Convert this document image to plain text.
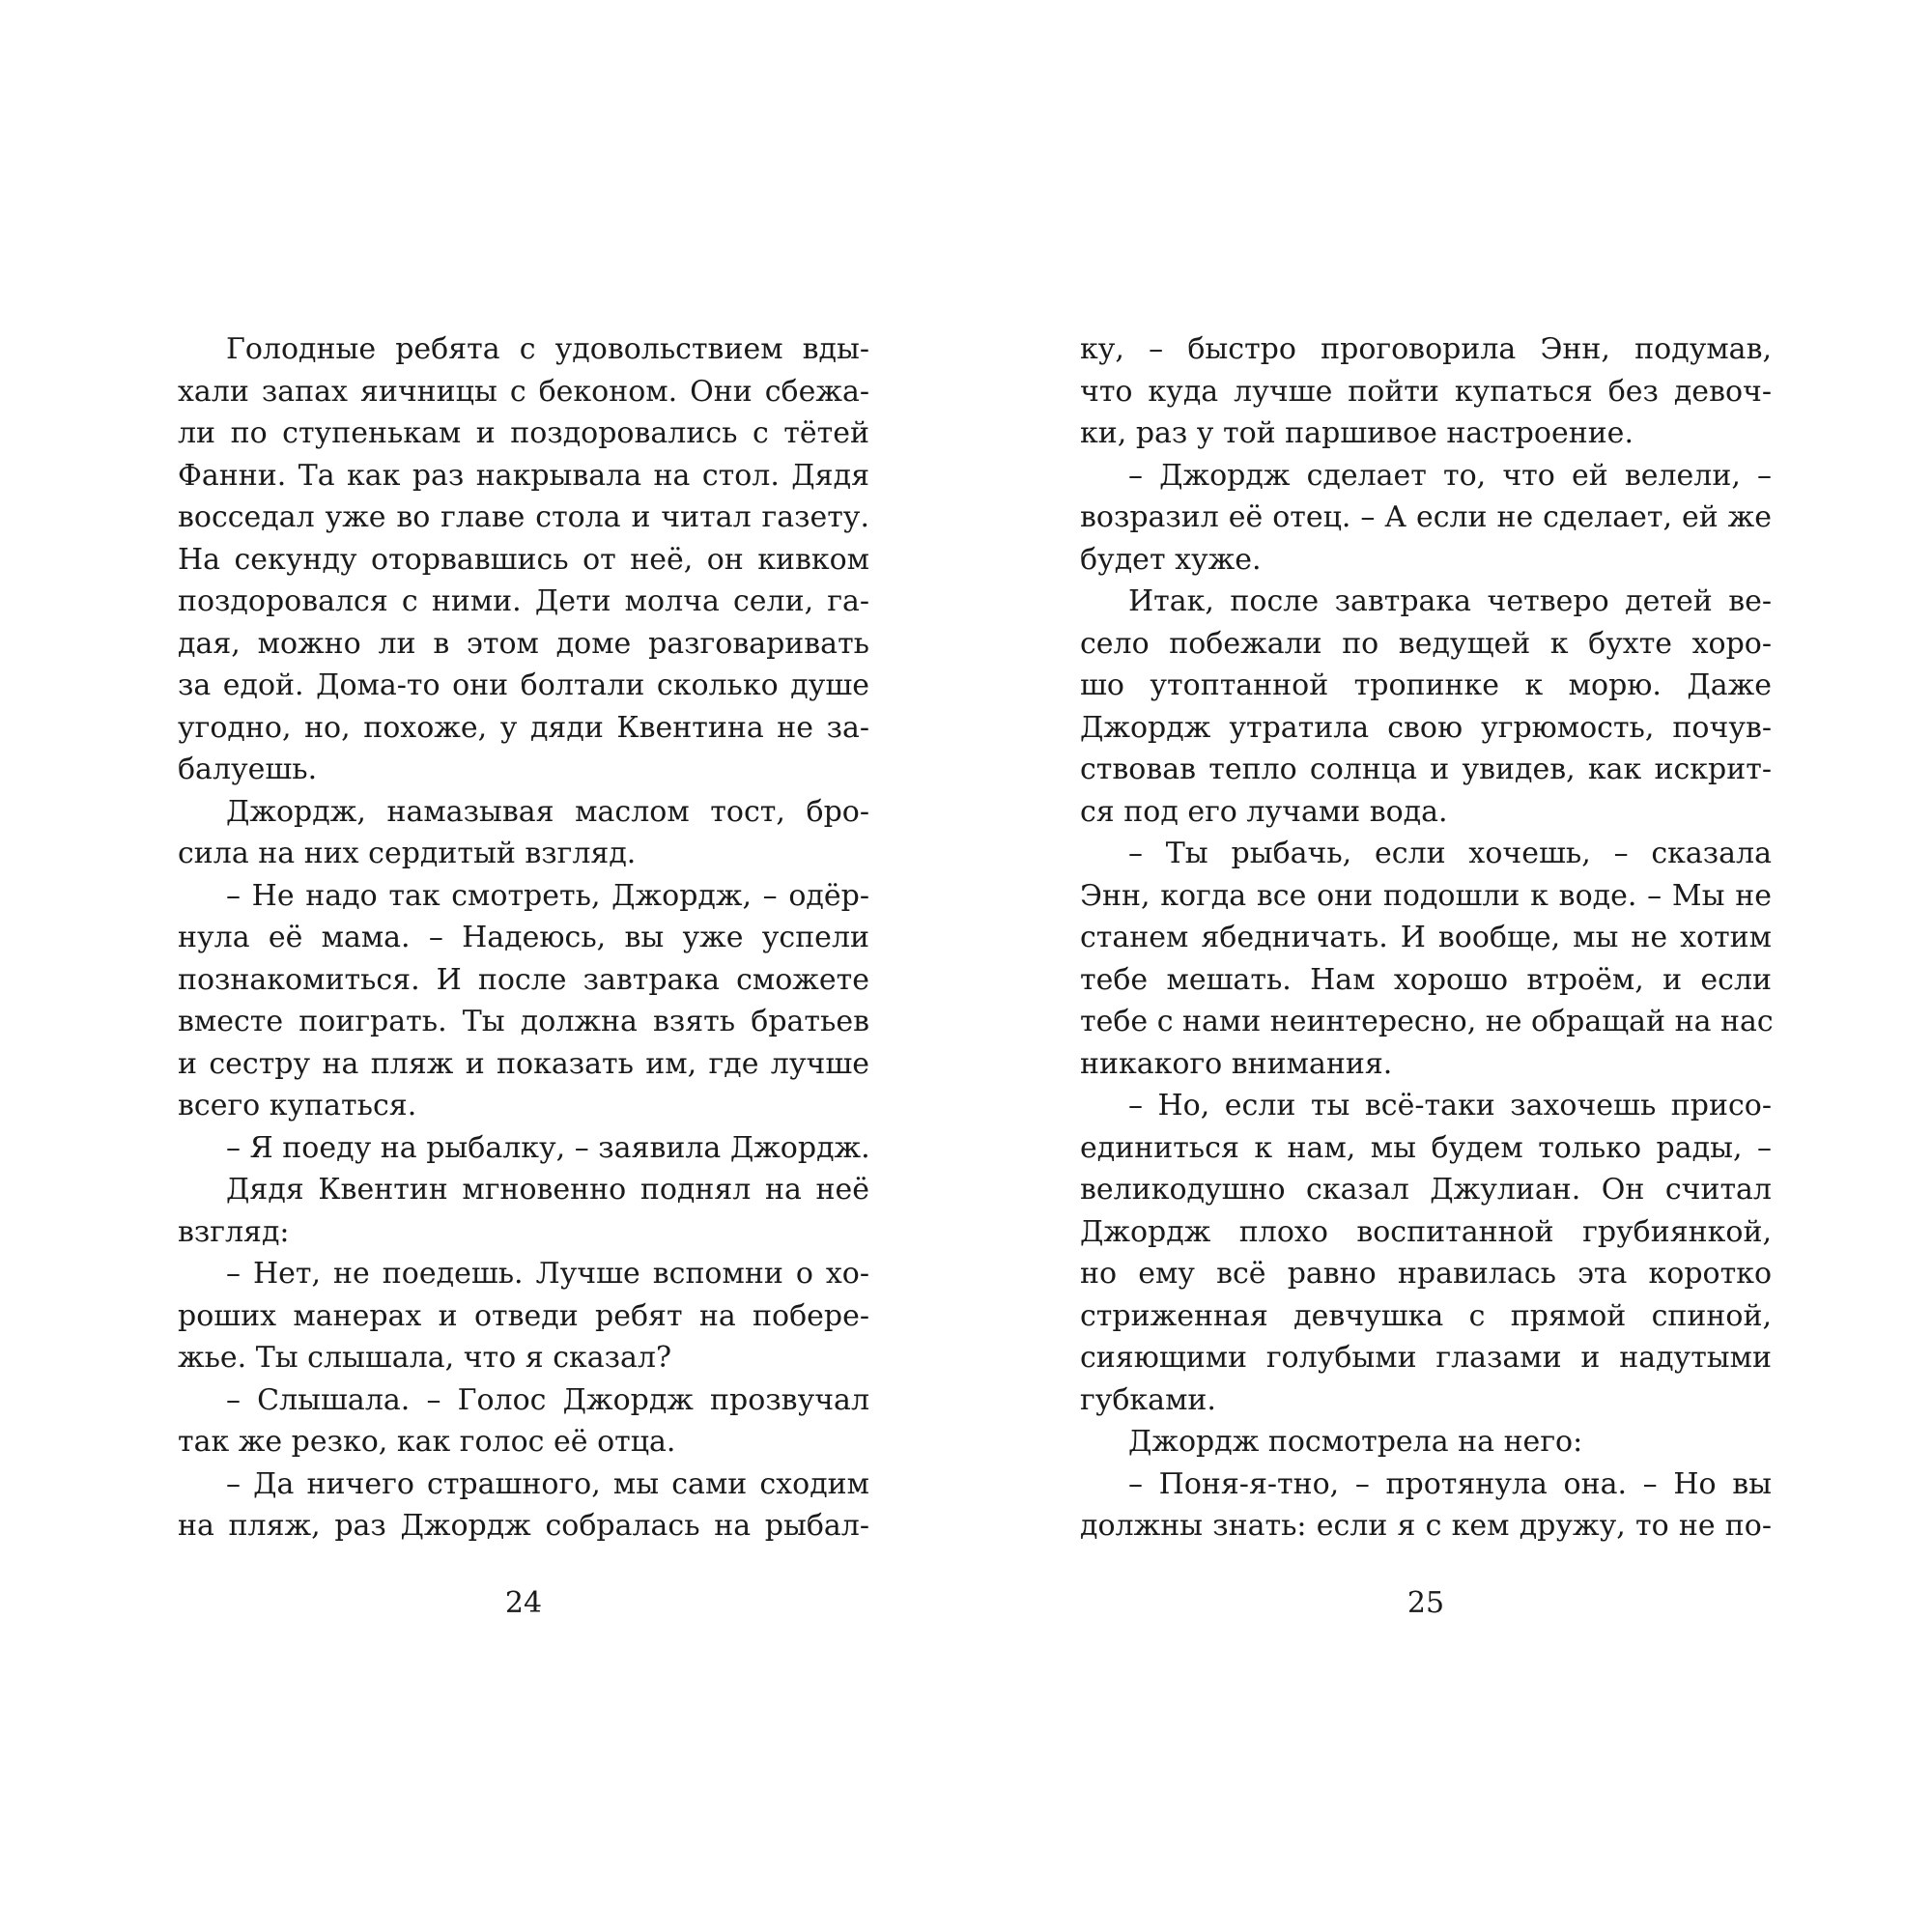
Голодные ребята с удовольствием вды-
хали запах яичницы с беконом. Они сбежа-
ли по ступенькам и поздоровались с тётей
Фанни. Та как раз накрывала на стол. Дядя
восседал уже во главе стола и читал газету.
На секунду оторвавшись от неё, он кивком
поздоровался с ними. Дети молча сели, га-
дая, можно ли в этом доме разговаривать
за едой. Дома-то они болтали сколько душе
угодно, но, похоже, у дяди Квентина не за-
балуешь.
Джордж, намазывая маслом тост, бро-
сила на них сердитый взгляд.
– Не надо так смотреть, Джордж, – одёр-
нула её мама. – Надеюсь, вы уже успели
познакомиться. И после завтрака сможете
вместе поиграть. Ты должна взять братьев
и сестру на пляж и показать им, где лучше
всего купаться.
– Я поеду на рыбалку, – заявила Джордж.
Дядя Квентин мгновенно поднял на неё
взгляд:
– Нет, не поедешь. Лучше вспомни о хо-
роших манерах и отведи ребят на побере-
жье. Ты слышала, что я сказал?
– Слышала. – Голос Джордж прозвучал
так же резко, как голос её отца.
– Да ничего страшного, мы сами сходим
на пляж, раз Джордж собралась на рыбал-
ку, – быстро проговорила Энн, подумав,
что куда лучше пойти купаться без девоч-
ки, раз у той паршивое настроение.
– Джордж сделает то, что ей велели, –
возразил её отец. – А если не сделает, ей же
будет хуже.
Итак, после завтрака четверо детей ве-
село побежали по ведущей к бухте хоро-
шо утоптанной тропинке к морю. Даже
Джордж утратила свою угрюмость, почув-
ствовав тепло солнца и увидев, как искрит-
ся под его лучами вода.
– Ты рыбачь, если хочешь, – сказала
Энн, когда все они подошли к воде. – Мы не
станем ябедничать. И вообще, мы не хотим
тебе мешать. Нам хорошо втроём, и если
тебе с нами неинтересно, не обращай на нас
никакого внимания.
– Но, если ты всё-таки захочешь присо-
единиться к нам, мы будем только рады, –
великодушно сказал Джулиан. Он считал
Джордж плохо воспитанной грубиянкой,
но ему всё равно нравилась эта коротко
стриженная девчушка с прямой спиной,
сияющими голубыми глазами и надутыми
губками.
Джордж посмотрела на него:
– Поня-я-тно, – протянула она. – Но вы
должны знать: если я с кем дружу, то не по-
24	25
